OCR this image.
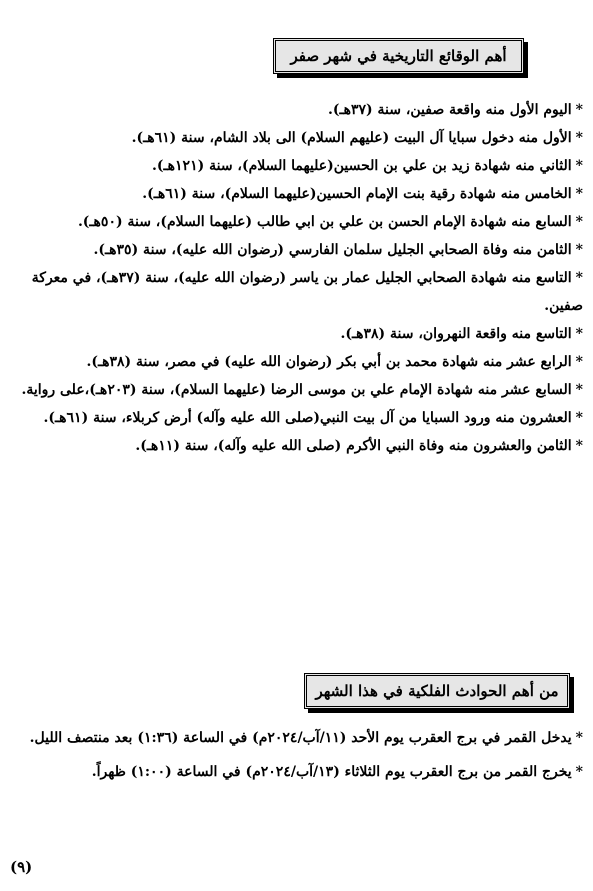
أهم الوقائع التاريخية في شهر صفر
*اليوم الأول منه واقعة صفين، سنة (٣٧هـ).
*الأول منه دخول سبايا آل البيت (عليهم السلام) الى بلاد الشام، سنة (٦١هـ).
*الثاني منه شهادة زيد بن علي بن الحسين(عليهما السلام)، سنة (١٢١هـ).
*الخامس منه شهادة رقية بنت الإمام الحسين(عليهما السلام)، سنة (٦١هـ).
*السابع منه شهادة الإمام الحسن بن علي بن ابي طالب (عليهما السلام)، سنة (٥٠هـ).
*الثامن منه وفاة الصحابي الجليل سلمان الفارسي (رضوان الله عليه)، سنة (٣٥هـ).
*التاسع منه شهادة الصحابي الجليل عمار بن ياسر (رضوان الله عليه)، سنة (٣٧هـ)، في معركة صفين.
*التاسع منه واقعة النهروان، سنة (٣٨هـ).
*الرابع عشر منه شهادة محمد بن أبي بكر (رضوان الله عليه) في مصر، سنة (٣٨هـ).
*السابع عشر منه شهادة الإمام علي بن موسى الرضا (عليهما السلام)، سنة (٢٠٣هـ)،على رواية.
*العشرون منه ورود السبايا من آل بيت النبي(صلى الله عليه وآله) أرض كربلاء، سنة (٦١هـ).
*الثامن والعشرون منه وفاة النبي الأكرم (صلى الله عليه وآله)، سنة (١١هـ).
من أهم الحوادث الفلكية في هذا الشهر
*يدخل القمر في برج العقرب يوم الأحد (١١/آب/٢٠٢٤م) في الساعة (١:٣٦) بعد منتصف الليل.
*يخرج القمر من برج العقرب يوم الثلاثاء (١٣/آب/٢٠٢٤م) في الساعة (١:٠٠) ظهراً.
(٩)
